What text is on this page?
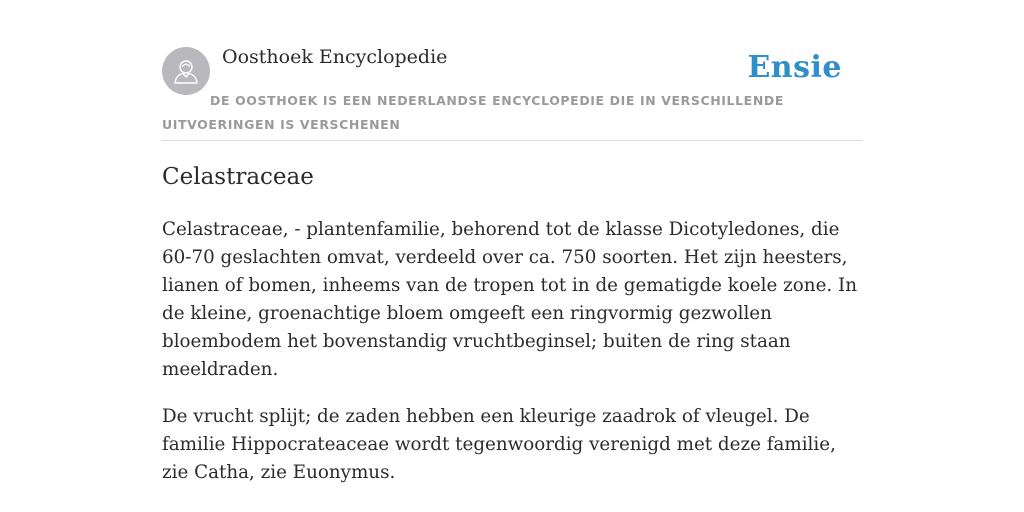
Oosthoek Encyclopedie	Ensie
DE OOSTHOEK IS EEN NEDERLANDSE ENCYCLOPEDIE DIE IN VERSCHILLENDE UITVOERINGEN IS VERSCHENEN
Celastraceae

Celastraceae, - plantenfamilie, behorend tot de klasse Dicotyledones, die 60-70 geslachten omvat, verdeeld over ca. 750 soorten. Het zijn heesters, lianen of bomen, inheems van de tropen tot in de gematigde koele zone. In de kleine, groenachtige bloem omgeeft een ringvormig gezwollen bloembodem het bovenstandig vruchtbeginsel; buiten de ring staan meeldraden.

De vrucht splijt; de zaden hebben een kleurige zaadrok of vleugel. De familie Hippocrateaceae wordt tegenwoordig verenigd met deze familie, zie Catha, zie Euonymus.
